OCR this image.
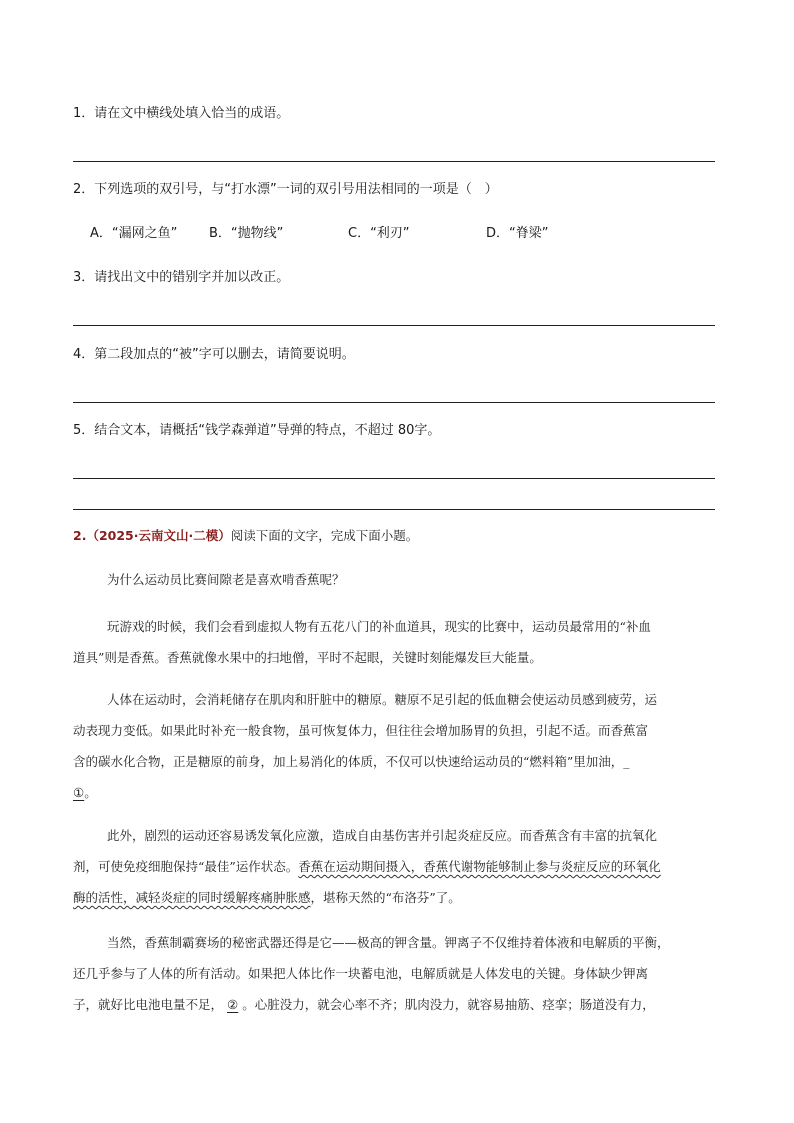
1．请在文中横线处填入恰当的成语。
2．下列选项的双引号，与“打水漂”一词的双引号用法相同的一项是（　）
A．“漏网之鱼” B．“抛物线”	C．“利刃”	D．“脊梁”
3．请找出文中的错别字并加以改正。
4．第二段加点的“被”字可以删去，请简要说明。
5．结合文本，请概括“钱学森弹道”导弹的特点，不超过 80字。
2.（2025·云南文山·二模）阅读下面的文字，完成下面小题。
为什么运动员比赛间隙老是喜欢啃香蕉呢？
玩游戏的时候，我们会看到虚拟人物有五花八门的补血道具，现实的比赛中，运动员最常用的“补血
道具”则是香蕉。香蕉就像水果中的扫地僧，平时不起眼，关键时刻能爆发巨大能量。
人体在运动时，会消耗储存在肌肉和肝脏中的糖原。糖原不足引起的低血糖会使运动员感到疲劳，运
动表现力变低。如果此时补充一般食物，虽可恢复体力，但往往会增加肠胃的负担，引起不适。而香蕉富
含的碳水化合物，正是糖原的前身，加上易消化的体质，不仅可以快速给运动员的“燃料箱”里加油，_
①。
此外，剧烈的运动还容易诱发氧化应激，造成自由基伤害并引起炎症反应。而香蕉含有丰富的抗氧化
剂，可使免疫细胞保持“最佳”运作状态。香蕉在运动期间摄入，香蕉代谢物能够制止参与炎症反应的环氧化
酶的活性，减轻炎症的同时缓解疼痛肿胀感，堪称天然的“布洛芬”了。
当然，香蕉制霸赛场的秘密武器还得是它——极高的钾含量。钾离子不仅维持着体液和电解质的平衡，
还几乎参与了人体的所有活动。如果把人体比作一块蓄电池，电解质就是人体发电的关键。身体缺少钾离
子，就好比电池电量不足， ② 。心脏没力，就会心率不齐；肌肉没力，就容易抽筋、痉挛；肠道没有力，
